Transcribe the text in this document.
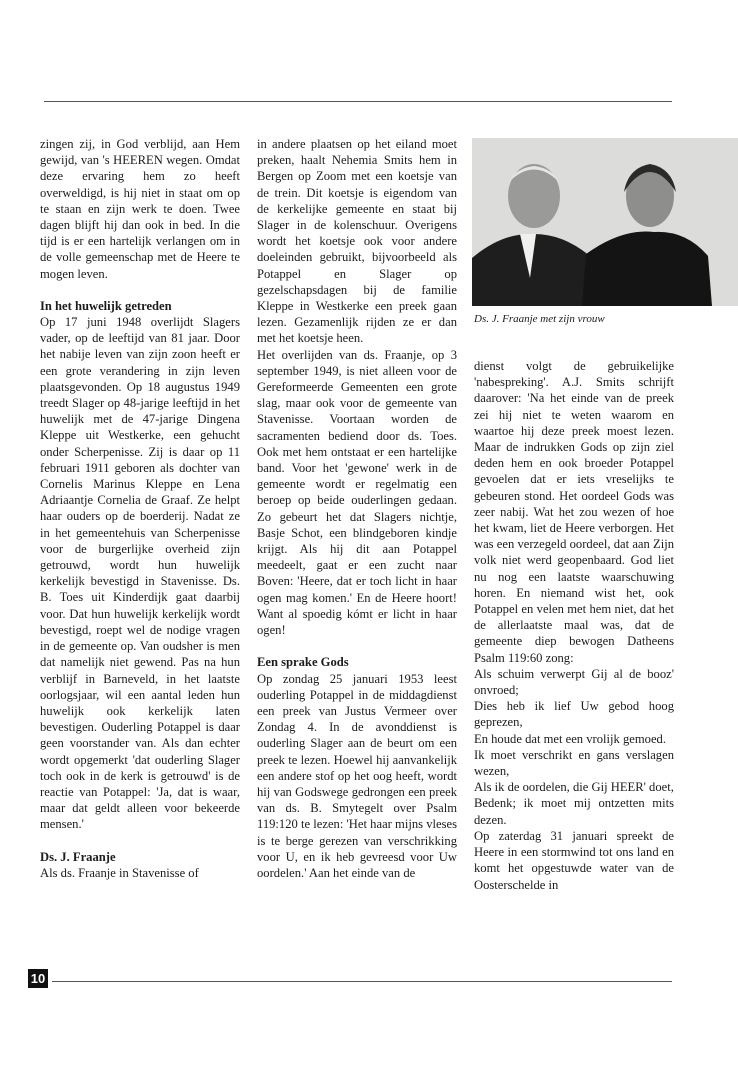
zingen zij, in God verblijd, aan Hem gewijd, van 's HEEREN wegen. Omdat deze ervaring hem zo heeft overweldigd, is hij niet in staat om op te staan en zijn werk te doen. Twee dagen blijft hij dan ook in bed. In die tijd is er een hartelijk verlangen om in de volle gemeenschap met de Heere te mogen leven.

In het huwelijk getreden

Op 17 juni 1948 overlijdt Slagers vader, op de leeftijd van 81 jaar. Door het nabije leven van zijn zoon heeft er een grote verandering in zijn leven plaatsgevonden. Op 18 augustus 1949 treedt Slager op 48-jarige leeftijd in het huwelijk met de 47-jarige Dingena Kleppe uit Westkerke, een gehucht onder Scherpenisse. Zij is daar op 11 februari 1911 geboren als dochter van Cornelis Marinus Kleppe en Lena Adriaantje Cornelia de Graaf. Ze helpt haar ouders op de boerderij. Nadat ze in het gemeentehuis van Scherpenisse voor de burgerlijke overheid zijn getrouwd, wordt hun huwelijk kerkelijk bevestigd in Stavenisse. Ds. B. Toes uit Kinderdijk gaat daarbij voor. Dat hun huwelijk kerkelijk wordt bevestigd, roept wel de nodige vragen in de gemeente op. Van oudsher is men dat namelijk niet gewend. Pas na hun verblijf in Barneveld, in het laatste oorlogsjaar, wil een aantal leden hun huwelijk ook kerkelijk laten bevestigen. Ouderling Potappel is daar geen voorstander van. Als dan echter wordt opgemerkt 'dat ouderling Slager toch ook in de kerk is getrouwd' is de reactie van Potappel: 'Ja, dat is waar, maar dat geldt alleen voor bekeerde mensen.'

Ds. J. Fraanje

Als ds. Fraanje in Stavenisse of

in andere plaatsen op het eiland moet preken, haalt Nehemia Smits hem in Bergen op Zoom met een koetsje van de trein. Dit koetsje is eigendom van de kerkelijke gemeente en staat bij Slager in de kolenschuur. Overigens wordt het koetsje ook voor andere doeleinden gebruikt, bijvoorbeeld als Potappel en Slager op gezelschapsdagen bij de familie Kleppe in Westkerke een preek gaan lezen. Gezamenlijk rijden ze er dan met het koetsje heen.

Het overlijden van ds. Fraanje, op 3 september 1949, is niet alleen voor de Gereformeerde Gemeenten een grote slag, maar ook voor de gemeente van Stavenisse. Voortaan worden de sacramenten bediend door ds. Toes. Ook met hem ontstaat er een hartelijke band. Voor het 'gewone' werk in de gemeente wordt er regelmatig een beroep op beide ouderlingen gedaan. Zo gebeurt het dat Slagers nichtje, Basje Schot, een blindgeboren kindje krijgt. Als hij dit aan Potappel meedeelt, gaat er een zucht naar Boven: 'Heere, dat er toch licht in haar ogen mag komen.' En de Heere hoort! Want al spoedig kómt er licht in haar ogen!

Een sprake Gods

Op zondag 25 januari 1953 leest ouderling Potappel in de middagdienst een preek van Justus Vermeer over Zondag 4. In de avonddienst is ouderling Slager aan de beurt om een preek te lezen. Hoewel hij aanvankelijk een andere stof op het oog heeft, wordt hij van Godswege gedrongen een preek van ds. B. Smytegelt over Psalm 119:120 te lezen: 'Het haar mijns vleses is te berge gerezen van verschrikking voor U, en ik heb gevreesd voor Uw oordelen.' Aan het einde van de

Ds. J. Fraanje met zijn vrouw

dienst volgt de gebruikelijke 'nabespreking'. A.J. Smits schrijft daarover: 'Na het einde van de preek zei hij niet te weten waarom en waartoe hij deze preek moest lezen. Maar de indrukken Gods op zijn ziel deden hem en ook broeder Potappel gevoelen dat er iets vreselijks te gebeuren stond. Het oordeel Gods was zeer nabij. Wat het zou wezen of hoe het kwam, liet de Heere verborgen. Het was een verzegeld oordeel, dat aan Zijn volk niet werd geopenbaard. God liet nu nog een laatste waarschuwing horen. En niemand wist het, ook Potappel en velen met hem niet, dat het de allerlaatste maal was, dat de gemeente diep bewogen Datheens Psalm 119:60 zong:

Als schuim verwerpt Gij al de booz' onvroed;

Dies heb ik lief Uw gebod hoog geprezen,

En houde dat met een vrolijk gemoed.

Ik moet verschrikt en gans verslagen wezen,

Als ik de oordelen, die Gij HEER' doet,

Bedenk; ik moet mij ontzetten mits dezen.

Op zaterdag 31 januari spreekt de Heere in een stormwind tot ons land en komt het opgestuwde water van de Oosterschelde in

10
